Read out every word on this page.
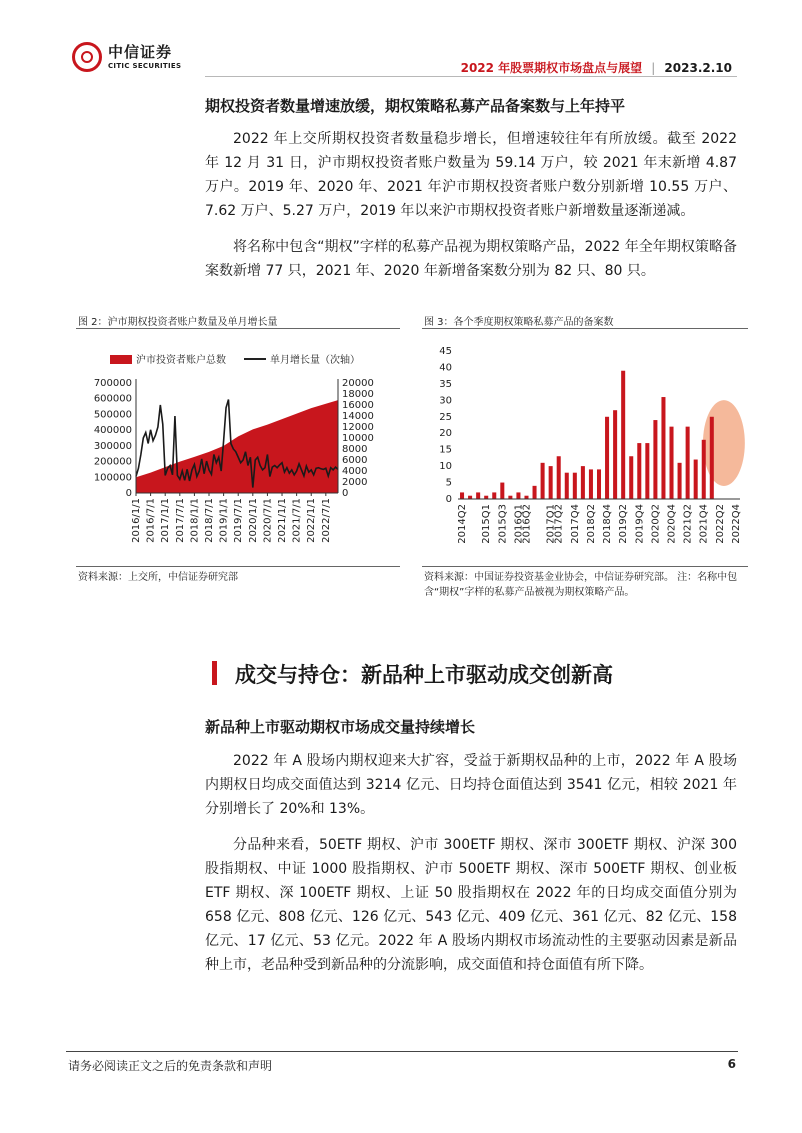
中信证券
CITIC SECURITIES	2022 年股票期权市场盘点与展望 | 2023.2.10
期权投资者数量增速放缓，期权策略私募产品备案数与上年持平

2022 年上交所期权投资者数量稳步增长，但增速较往年有所放缓。截至 2022 年 12 月 31 日，沪市期权投资者账户数量为 59.14 万户，较 2021 年末新增 4.87 万户。2019 年、2020 年、2021 年沪市期权投资者账户数分别新增 10.55 万户、7.62 万户、5.27 万户，2019 年以来沪市期权投资者账户新增数量逐渐递减。

将名称中包含“期权”字样的私募产品视为期权策略产品，2022 年全年期权策略备案数新增 77 只，2021 年、2020 年新增备案数分别为 82 只、80 只。

图 2：沪市期权投资者账户数量及单月增长量
沪市投资者账户总数	单月增长量（次轴）
0
100000
200000
300000
400000
500000
600000
700000
0
2000
4000
6000
8000
10000
12000
14000
16000
18000
20000
2016/1/1 2016/7/1 2017/1/1 2017/7/1 2018/1/1 2018/7/1 2019/1/1 2019/7/1 2020/1/1 2020/7/1 2021/1/1 2021/7/1 2022/1/1 2022/7/1
资料来源：上交所，中信证券研究部
图 3：各个季度期权策略私募产品的备案数
0
5
10
15
20
25
30
35
40
45
2014Q2 2015Q1 2015Q3 2016Q1
2016Q2 2017Q1
2017Q2 2017Q4 2018Q2 2018Q4 2019Q2 2019Q4 2020Q2 2020Q4 2021Q2 2021Q4 2022Q2 2022Q4
资料来源：中国证券投资基金业协会，中信证券研究部。 注：名称中包含“期权”字样的私募产品被视为期权策略产品。
成交与持仓：新品种上市驱动成交创新高
新品种上市驱动期权市场成交量持续增长

2022 年 A 股场内期权迎来大扩容，受益于新期权品种的上市，2022 年 A 股场内期权日均成交面值达到 3214 亿元、日均持仓面值达到 3541 亿元，相较 2021 年分别增长了 20%和 13%。

分品种来看，50ETF 期权、沪市 300ETF 期权、深市 300ETF 期权、沪深 300 股指期权、中证 1000 股指期权、沪市 500ETF 期权、深市 500ETF 期权、创业板 ETF 期权、深 100ETF 期权、上证 50 股指期权在 2022 年的日均成交面值分别为 658 亿元、808 亿元、126 亿元、543 亿元、409 亿元、361 亿元、82 亿元、158 亿元、17 亿元、53 亿元。2022 年 A 股场内期权市场流动性的主要驱动因素是新品种上市，老品种受到新品种的分流影响，成交面值和持仓面值有所下降。

请务必阅读正文之后的免责条款和声明	6
